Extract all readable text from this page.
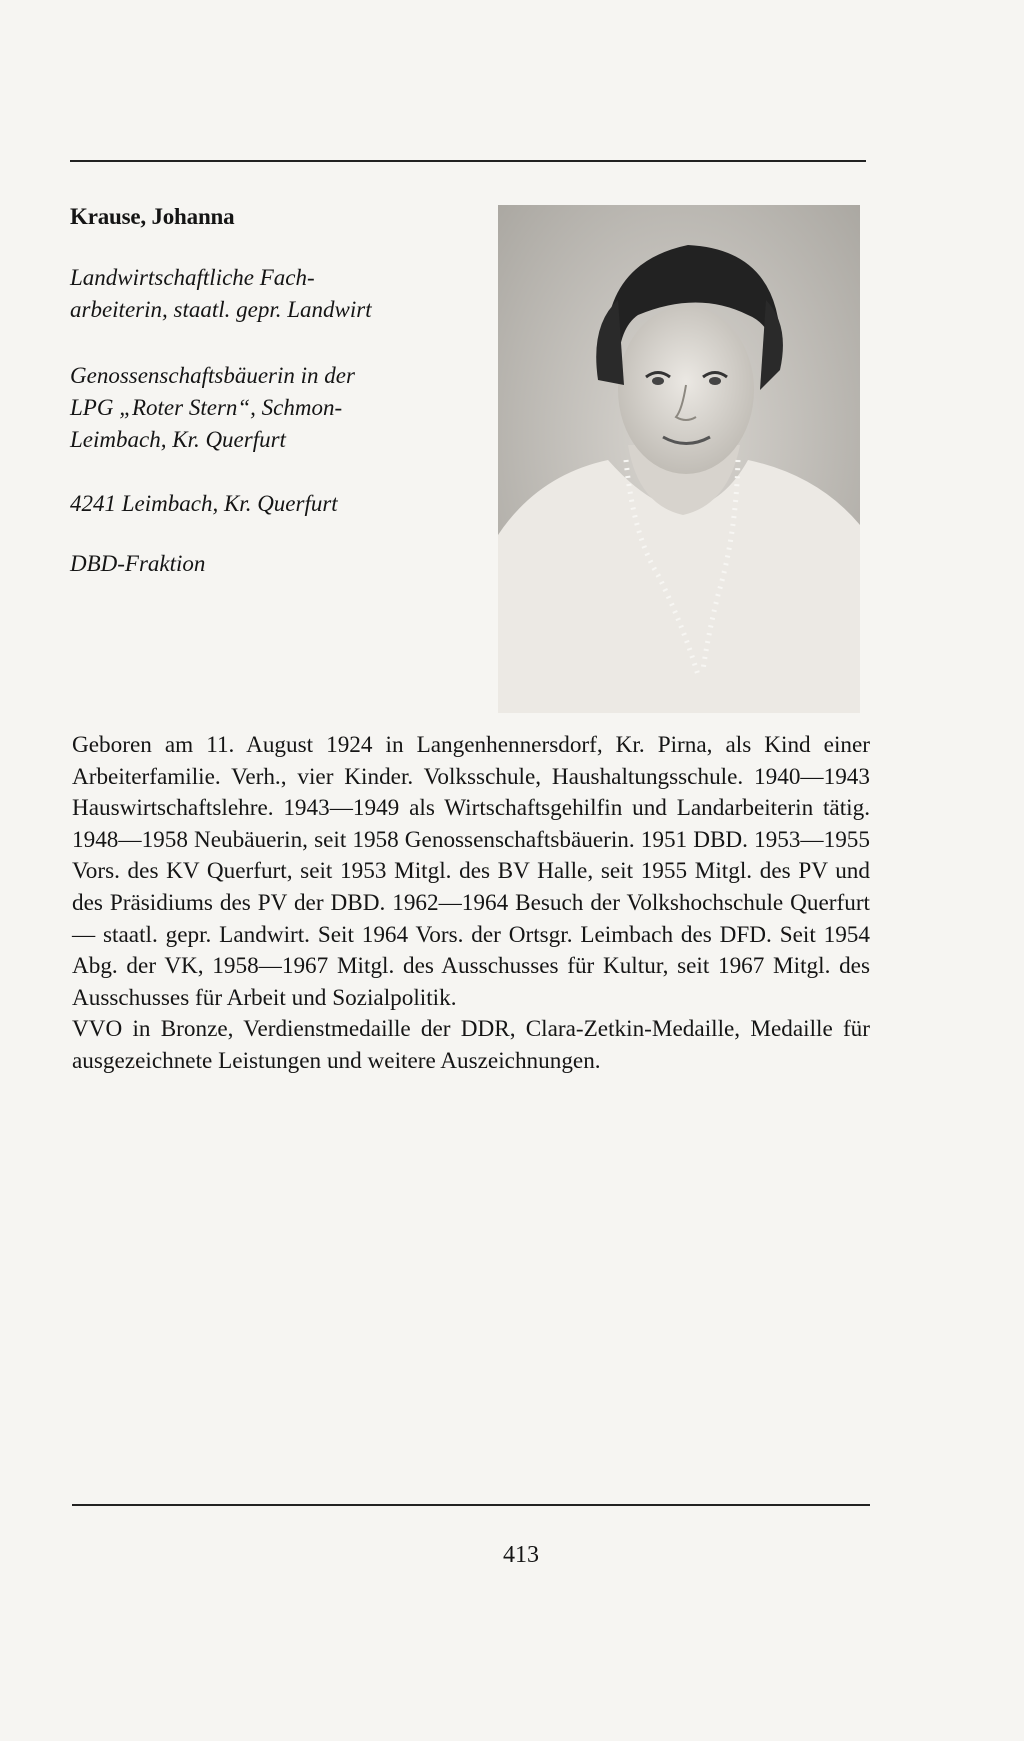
Krause, Johanna
Landwirtschaftliche Fach-
arbeiterin, staatl. gepr. Landwirt
Genossenschaftsbäuerin in der
LPG „Roter Stern“, Schmon-
Leimbach, Kr. Querfurt
4241 Leimbach, Kr. Querfurt
DBD-Fraktion

Geboren am 11. August 1924 in Langenhennersdorf, Kr. Pirna, als Kind einer Arbeiterfamilie. Verh., vier Kinder. Volksschule, Haushaltungsschule. 1940—1943 Hauswirtschaftslehre. 1943—1949 als Wirtschaftsgehilfin und Landarbeiterin tätig. 1948—1958 Neubäuerin, seit 1958 Genossenschaftsbäuerin. 1951 DBD. 1953—1955 Vors. des KV Querfurt, seit 1953 Mitgl. des BV Halle, seit 1955 Mitgl. des PV und des Präsidiums des PV der DBD. 1962—1964 Besuch der Volkshochschule Querfurt — staatl. gepr. Landwirt. Seit 1964 Vors. der Ortsgr. Leimbach des DFD. Seit 1954 Abg. der VK, 1958—1967 Mitgl. des Ausschusses für Kultur, seit 1967 Mitgl. des Ausschusses für Arbeit und Sozialpolitik.

VVO in Bronze, Verdienstmedaille der DDR, Clara-Zetkin-Medaille, Medaille für ausgezeichnete Leistungen und weitere Auszeichnungen.

413
